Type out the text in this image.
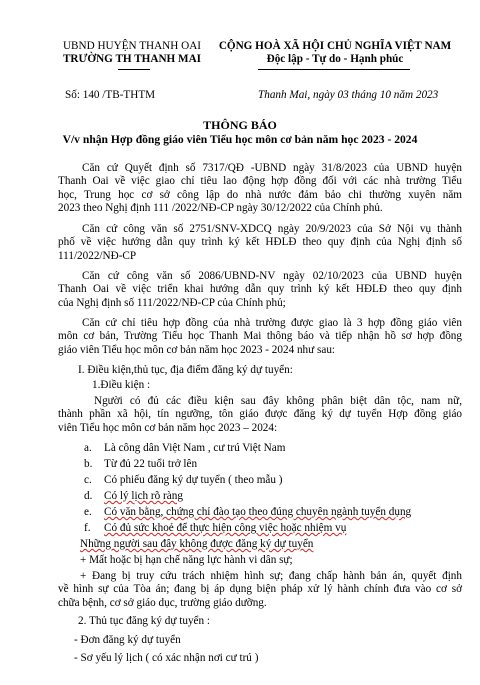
UBND HUYỆN THANH OAI
TRƯỜNG TH THANH MAI
CỘNG HOÀ XÃ HỘI CHỦ NGHĨA VIỆT NAM
Độc lập - Tự do - Hạnh phúc
Số: 140 /TB-THTM	Thanh Mai, ngày 03 tháng 10 năm 2023
THÔNG BÁO
V/v nhận Hợp đồng giáo viên Tiểu học môn cơ bản năm học 2023 - 2024
Căn cứ Quyết định số 7317/QĐ -UBND ngày 31/8/2023 của UBND huyện
Thanh Oai về việc giao chỉ tiêu lao động hợp đồng đối với các nhà trường Tiểu
học, Trung học cơ sở công lập do nhà nước đảm bảo chi thường xuyên năm
2023 theo Nghị định 111 /2022/NĐ-CP ngày 30/12/2022 của Chính phủ.
Căn cứ công văn số 2751/SNV-XDCQ ngày 20/9/2023 của Sở Nội vụ thành
phố về việc hướng dẫn quy trình ký kết HĐLĐ theo quy định của Nghị định số
111/2022/NĐ-CP
Căn cứ công văn số 2086/UBND-NV ngày 02/10/2023 của UBND huyện
Thanh Oai về việc triển khai hướng dẫn quy trình ký kết HĐLĐ theo quy định
của Nghị định số 111/2022/NĐ-CP của Chính phủ;
Căn cứ chỉ tiêu hợp đồng của nhà trường được giao là 3 hợp đồng giáo viên
môn cơ bản, Trường Tiểu học Thanh Mai thông báo và tiếp nhận hồ sơ hợp đồng
giáo viên Tiểu học môn cơ bản năm học 2023 - 2024 như sau:
I. Điều kiện,thủ tục, địa điểm đăng ký dự tuyển:
1.Điều kiện :
Người có đủ các điều kiện sau đây không phân biệt dân tộc, nam nữ,
thành phần xã hội, tín ngưỡng, tôn giáo được đăng ký dự tuyển Hợp đồng giáo
viên Tiểu học môn cơ bản năm học 2023 – 2024:
a. Là công dân Việt Nam , cư trú Việt Nam
b. Từ đủ 22 tuổi trở lên
c. Có phiếu đăng ký dự tuyển ( theo mẫu )
d. Có lý lịch rõ ràng
e. Có văn bằng, chứng chỉ đào tạo theo đúng chuyên ngành tuyển dụng
f. Có đủ sức khoẻ để thực hiện công việc hoặc nhiệm vụ
Những người sau đây không được đăng ký dự tuyển
+ Mất hoặc bị hạn chế năng lực hành vi dân sự;
+ Đang bị truy cứu trách nhiệm hình sự; đang chấp hành bản án, quyết định
về hình sự của Tòa án; đang bị áp dụng biện pháp xử lý hành chính đưa vào cơ sở
chữa bệnh, cơ sở giáo dục, trường giáo dưỡng.
2. Thủ tục đăng ký dự tuyển :
- Đơn đăng ký dự tuyển
- Sơ yếu lý lịch ( có xác nhận nơi cư trú )
